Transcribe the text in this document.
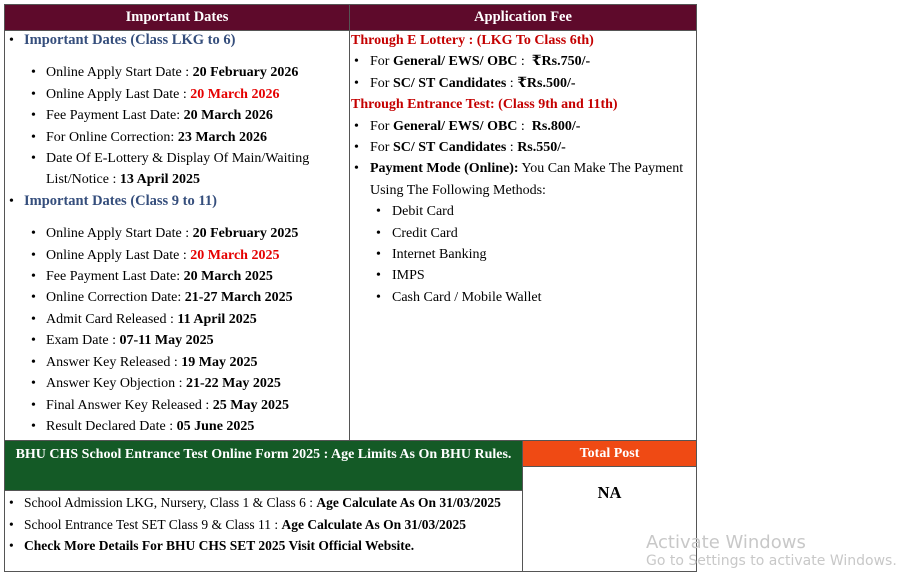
Important Dates	Application Fee
Important Dates (Class LKG to 6)
• Online Apply Start Date : 20 February 2026
• Online Apply Last Date : 20 March 2026
• Fee Payment Last Date: 20 March 2026
• For Online Correction: 23 March 2026
• Date Of E-Lottery & Display Of Main/Waiting List/Notice : 13 April 2025
Important Dates (Class 9 to 11)
• Online Apply Start Date : 20 February 2025
• Online Apply Last Date : 20 March 2025
• Fee Payment Last Date: 20 March 2025
• Online Correction Date: 21-27 March 2025
• Admit Card Released : 11 April 2025
• Exam Date : 07-11 May 2025
• Answer Key Released : 19 May 2025
• Answer Key Objection : 21-22 May 2025
• Final Answer Key Released : 25 May 2025
• Result Declared Date : 05 June 2025
Through E Lottery : (LKG To Class 6th)
• For General/ EWS/ OBC :  ₹Rs.750/-
• For SC/ ST Candidates : ₹Rs.500/-
Through Entrance Test: (Class 9th and 11th)
• For General/ EWS/ OBC :  Rs.800/-
• For SC/ ST Candidates : Rs.550/-
• Payment Mode (Online): You Can Make The Payment Using The Following Methods:
• Debit Card
• Credit Card
• Internet Banking
• IMPS
• Cash Card / Mobile Wallet
BHU CHS School Entrance Test Online Form 2025 : Age Limits As On BHU Rules.	Total Post
School Admission LKG, Nursery, Class 1 & Class 6 : Age Calculate As On 31/03/2025
School Entrance Test SET Class 9 & Class 11 : Age Calculate As On 31/03/2025
Check More Details For BHU CHS SET 2025 Visit Official Website.
NA
Activate Windows
Go to Settings to activate Windows.
